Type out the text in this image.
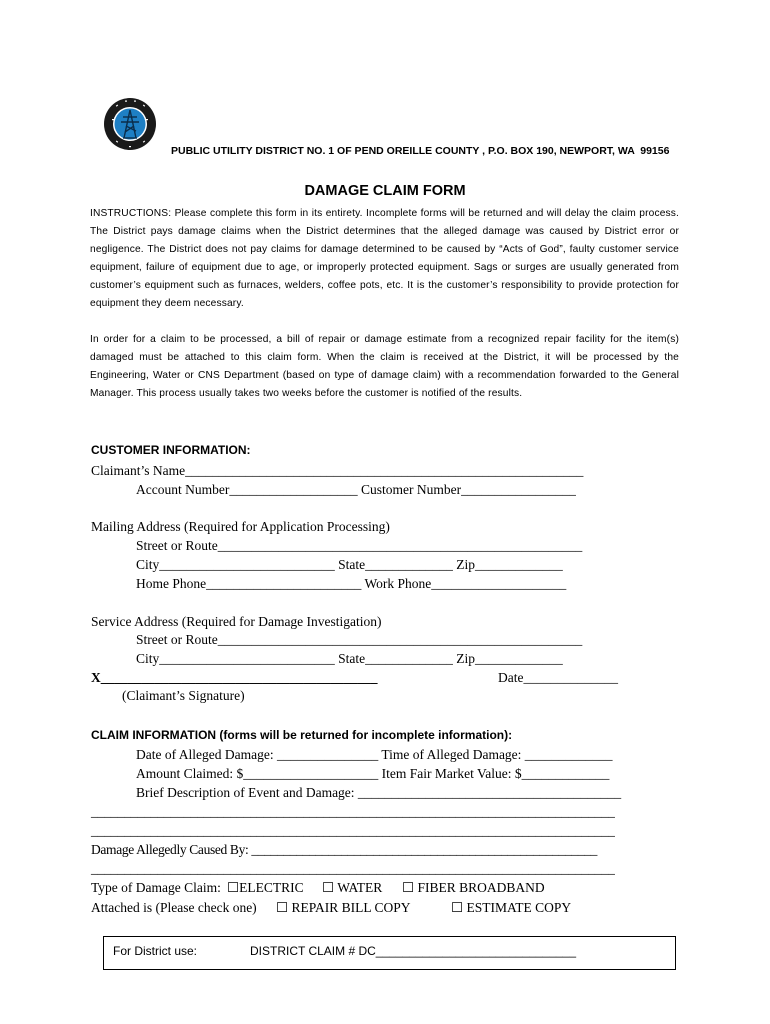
PUBLIC UTILITY DISTRICT NO. 1 OF PEND OREILLE COUNTY , P.O. BOX 190, NEWPORT, WA  99156
DAMAGE CLAIM FORM
INSTRUCTIONS: Please complete this form in its entirety. Incomplete forms will be returned and will delay the claim process. The District pays damage claims when the District determines that the alleged damage was caused by District error or negligence. The District does not pay claims for damage determined to be caused by “Acts of God”, faulty customer service equipment, failure of equipment due to age, or improperly protected equipment. Sags or surges are usually generated from customer’s equipment such as furnaces, welders, coffee pots, etc. It is the customer’s responsibility to provide protection for equipment they deem necessary.
In order for a claim to be processed, a bill of repair or damage estimate from a recognized repair facility for the item(s) damaged must be attached to this claim form. When the claim is received at the District, it will be processed by the Engineering, Water or CNS Department (based on type of damage claim) with a recommendation forwarded to the General Manager. This process usually takes two weeks before the customer is notified of the results.
CUSTOMER INFORMATION:
Claimant’s Name___________________________________________________________
Account Number___________________ Customer Number_________________
Mailing Address (Required for Application Processing)
Street or Route______________________________________________________
City__________________________ State_____________ Zip_____________
Home Phone_______________________ Work Phone____________________
Service Address (Required for Damage Investigation)
Street or Route______________________________________________________
City__________________________ State_____________ Zip_____________
X_________________________________________	Date______________
(Claimant’s Signature)
CLAIM INFORMATION (forms will be returned for incomplete information):
Date of Alleged Damage: _______________ Time of Alleged Damage: _____________
Amount Claimed: $____________________ Item Fair Market Value: $_____________
Brief Description of Event and Damage: _______________________________________
_______________________________________________________________________________
_______________________________________________________________________________
Damage Allegedly Caused By: ______________________________________________________
_______________________________________________________________________________
Type of Damage Claim: ☐ELECTRIC ☐ WATER ☐ FIBER BROADBAND
Attached is (Please check one) ☐ REPAIR BILL COPY	☐ ESTIMATE COPY
For District use:	DISTRICT CLAIM # DC______________________________
